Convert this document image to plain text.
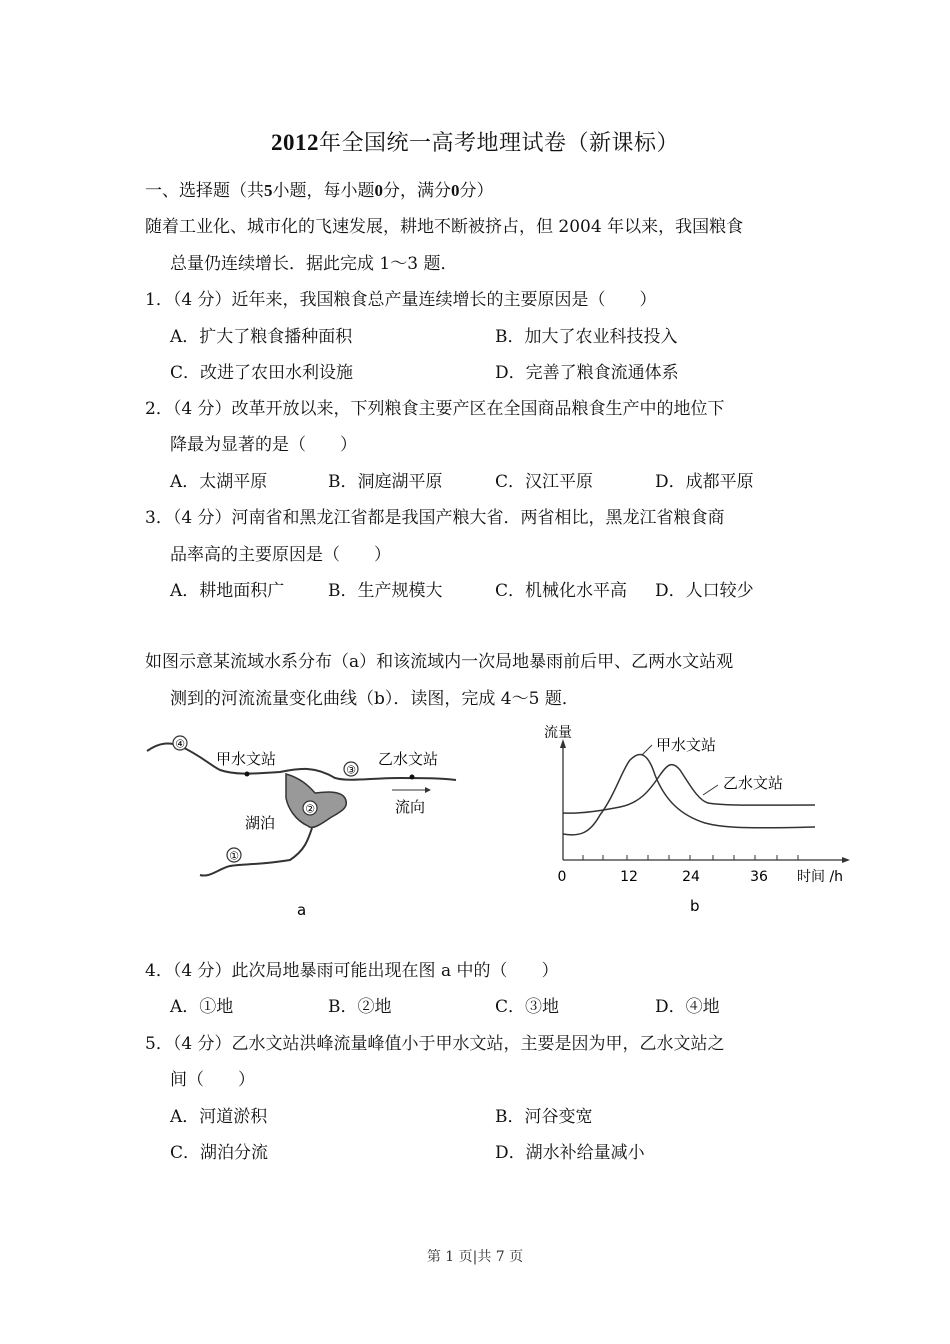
2012年全国统一高考地理试卷（新课标）
一、选择题（共5小题，每小题0分，满分0分）
随着工业化、城市化的飞速发展，耕地不断被挤占，但 2004 年以来，我国粮食
总量仍连续增长．据此完成 1～3 题．
1．（4 分）近年来，我国粮食总产量连续增长的主要原因是（　　）
A．扩大了粮食播种面积	B．加大了农业科技投入
C．改进了农田水利设施	D．完善了粮食流通体系
2．（4 分）改革开放以来，下列粮食主要产区在全国商品粮食生产中的地位下
降最为显著的是（　　）
A．太湖平原	B．洞庭湖平原	C．汉江平原	D．成都平原
3．（4 分）河南省和黑龙江省都是我国产粮大省．两省相比，黑龙江省粮食商
品率高的主要原因是（　　）
A．耕地面积广	B．生产规模大	C．机械化水平高 D．人口较少
如图示意某流域水系分布（a）和该流域内一次局地暴雨前后甲、乙两水文站观
测到的河流流量变化曲线（b）．读图，完成 4～5 题．
④
③
②
①
甲水文站	乙水文站
湖泊
流向
a
甲水文站
乙水文站
流量
0	12	24	36 时间 /h
b
4．（4 分）此次局地暴雨可能出现在图 a 中的（　　）
A．①地	B．②地	C．③地	D．④地
5．（4 分）乙水文站洪峰流量峰值小于甲水文站，主要是因为甲，乙水文站之
间（　　）
A．河道淤积	B．河谷变宽
C．湖泊分流	D．湖水补给量减小
第 1 页|共 7 页
